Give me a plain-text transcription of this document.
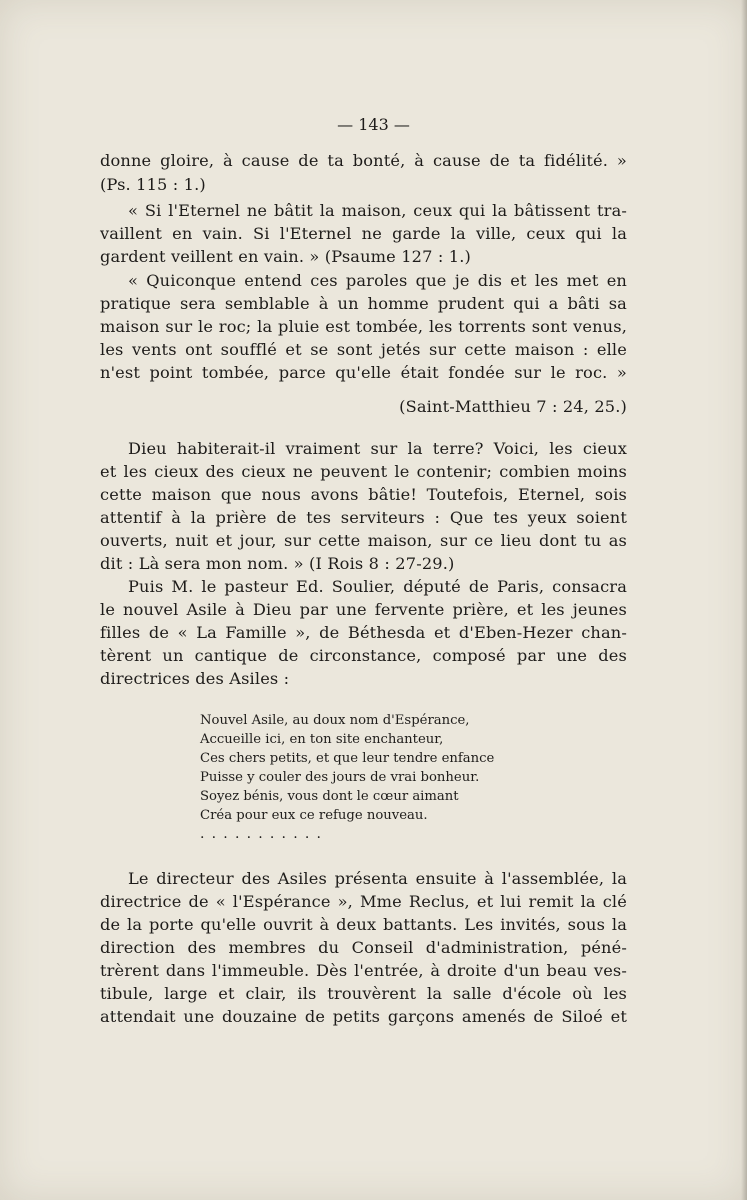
— 143 —
donne gloire, à cause de ta bonté, à cause de ta fidélité. »
(Ps. 115 : 1.)
« Si l'Eternel ne bâtit la maison, ceux qui la bâtissent tra-
vaillent en vain. Si l'Eternel ne garde la ville, ceux qui la
gardent veillent en vain. » (Psaume 127 : 1.)
« Quiconque entend ces paroles que je dis et les met en
pratique sera semblable à un homme prudent qui a bâti sa
maison sur le roc; la pluie est tombée, les torrents sont venus,
les vents ont soufflé et se sont jetés sur cette maison : elle
n'est point tombée, parce qu'elle était fondée sur le roc. »
(Saint-Matthieu 7 : 24, 25.)
Dieu habiterait-il vraiment sur la terre? Voici, les cieux
et les cieux des cieux ne peuvent le contenir; combien moins
cette maison que nous avons bâtie! Toutefois, Eternel, sois
attentif à la prière de tes serviteurs : Que tes yeux soient
ouverts, nuit et jour, sur cette maison, sur ce lieu dont tu as
dit : Là sera mon nom. » (I Rois 8 : 27-29.)
Puis M. le pasteur Ed. Soulier, député de Paris, consacra
le nouvel Asile à Dieu par une fervente prière, et les jeunes
filles de « La Famille », de Béthesda et d'Eben-Hezer chan-
tèrent un cantique de circonstance, composé par une des
directrices des Asiles :
Nouvel Asile, au doux nom d'Espérance,
Accueille ici, en ton site enchanteur,
Ces chers petits, et que leur tendre enfance
Puisse y couler des jours de vrai bonheur.
Soyez bénis, vous dont le cœur aimant
Créa pour eux ce refuge nouveau.
...........
Le directeur des Asiles présenta ensuite à l'assemblée, la
directrice de « l'Espérance », Mme Reclus, et lui remit la clé
de la porte qu'elle ouvrit à deux battants. Les invités, sous la
direction des membres du Conseil d'administration, péné-
trèrent dans l'immeuble. Dès l'entrée, à droite d'un beau ves-
tibule, large et clair, ils trouvèrent la salle d'école où les
attendait une douzaine de petits garçons amenés de Siloé et
